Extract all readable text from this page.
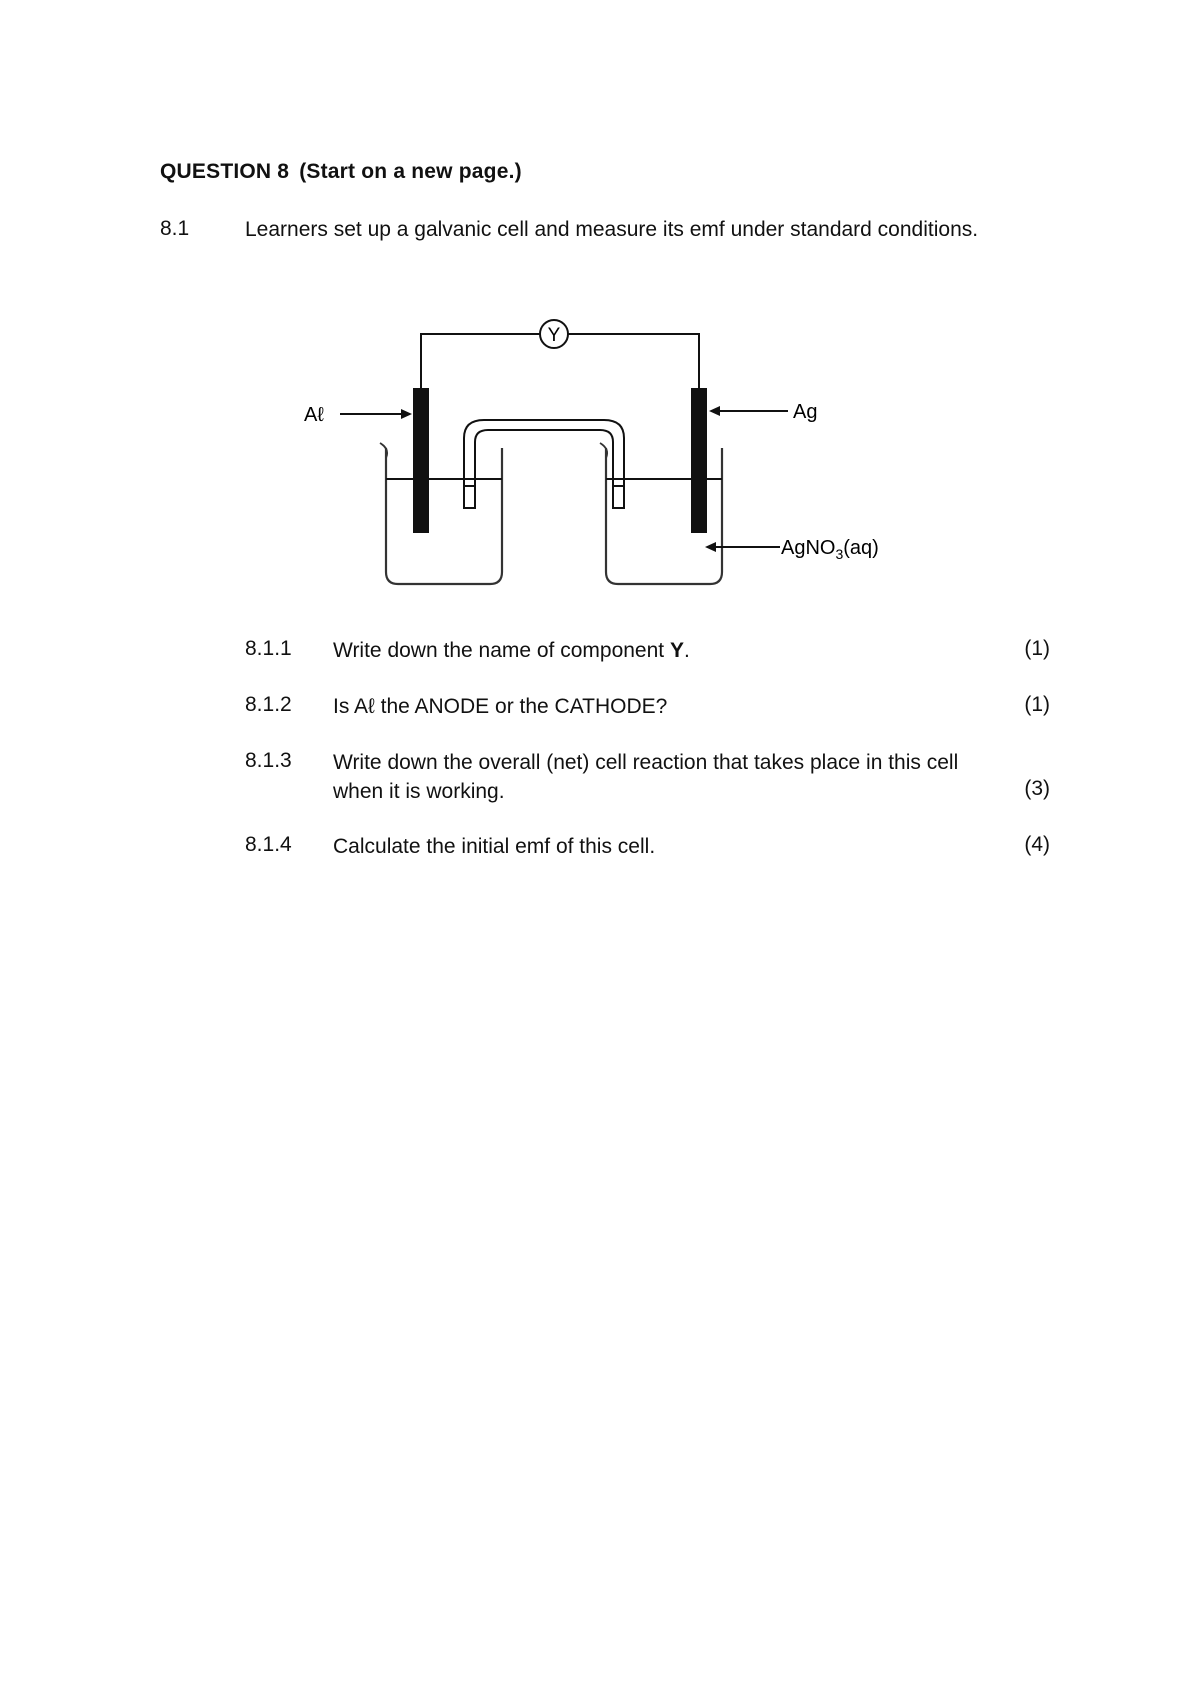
QUESTION 8 (Start on a new page.)
8.1	Learners set up a galvanic cell and measure its emf under standard conditions.
Y
Aℓ	Ag
AgNO$_3$(aq)
8.1.1 Write down the name of component Y.	(1)
8.1.2 Is Aℓ the ANODE or the CATHODE?	(1)
8.1.3 Write down the overall (net) cell reaction that takes place in this cell
when it is working.	(3)
8.1.4 Calculate the initial emf of this cell.	(4)
